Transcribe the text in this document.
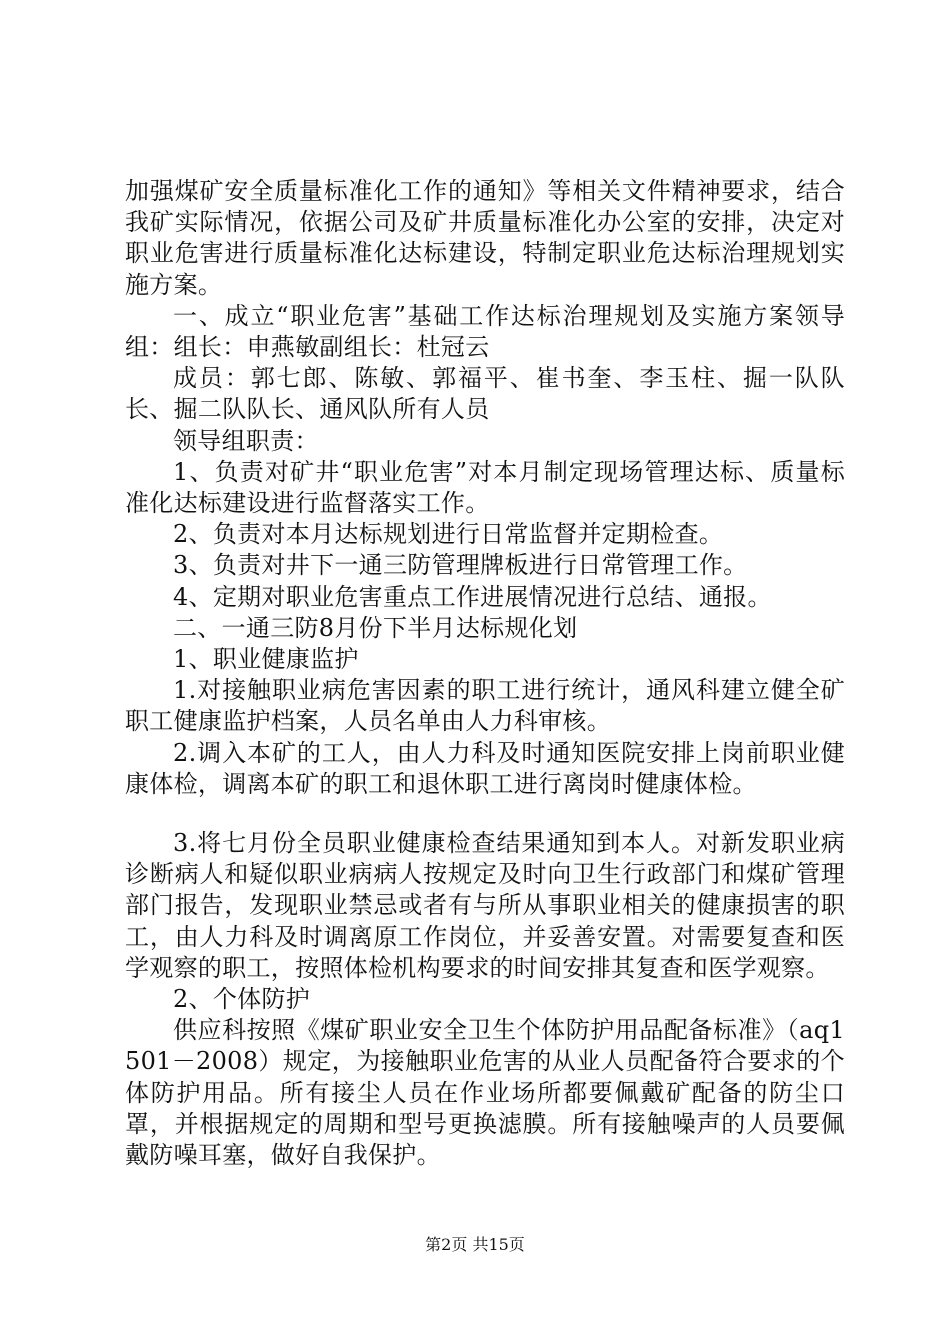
加强煤矿安全质量标准化工作的通知》等相关文件精神要求，结合我矿实际情况，依据公司及矿井质量标准化办公室的安排，决定对职业危害进行质量标准化达标建设，特制定职业危达标治理规划实施方案。

一、成立“职业危害”基础工作达标治理规划及实施方案领导组：组长：申燕敏副组长：杜冠云

成员：郭七郎、陈敏、郭福平、崔书奎、李玉柱、掘一队队长、掘二队队长、通风队所有人员

领导组职责：

1、负责对矿井“职业危害”对本月制定现场管理达标、质量标准化达标建设进行监督落实工作。

2、负责对本月达标规划进行日常监督并定期检查。

3、负责对井下一通三防管理牌板进行日常管理工作。

4、定期对职业危害重点工作进展情况进行总结、通报。

二、一通三防8月份下半月达标规化划

1、职业健康监护

1.对接触职业病危害因素的职工进行统计，通风科建立健全矿职工健康监护档案，人员名单由人力科审核。

2.调入本矿的工人，由人力科及时通知医院安排上岗前职业健康体检，调离本矿的职工和退休职工进行离岗时健康体检。

3.将七月份全员职业健康检查结果通知到本人。对新发职业病诊断病人和疑似职业病病人按规定及时向卫生行政部门和煤矿管理部门报告，发现职业禁忌或者有与所从事职业相关的健康损害的职工，由人力科及时调离原工作岗位，并妥善安置。对需要复查和医学观察的职工，按照体检机构要求的时间安排其复查和医学观察。

2、个体防护

供应科按照《煤矿职业安全卫生个体防护用品配备标准》（aq1501－2008）规定，为接触职业危害的从业人员配备符合要求的个体防护用品。所有接尘人员在作业场所都要佩戴矿配备的防尘口罩，并根据规定的周期和型号更换滤膜。所有接触噪声的人员要佩戴防噪耳塞，做好自我保护。

第2页 共15页
